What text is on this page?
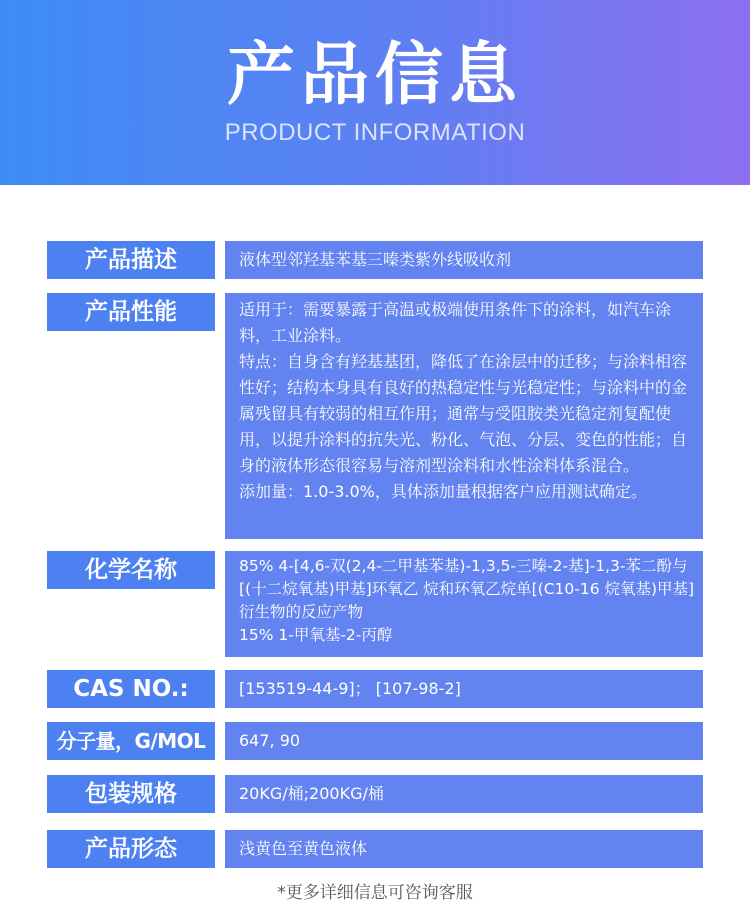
产品信息
PRODUCT INFORMATION
产品描述	液体型邻羟基苯基三嗪类紫外线吸收剂
产品性能	适用于：需要暴露于高温或极端使用条件下的涂料，如汽车涂料，工业涂料。
特点：自身含有羟基基团，降低了在涂层中的迁移；与涂料相容性好；结构本身具有良好的热稳定性与光稳定性；与涂料中的金属残留具有较弱的相互作用；通常与受阻胺类光稳定剂复配使用，以提升涂料的抗失光、粉化、气泡、分层、变色的性能；自身的液体形态很容易与溶剂型涂料和水性涂料体系混合。
添加量：1.0-3.0%，具体添加量根据客户应用测试确定。
化学名称	85% 4-[4,6-双(2,4-二甲基苯基)-1,3,5-三嗪-2-基]-1,3-苯二酚与[(十二烷氧基)甲基]环氧乙 烷和环氧乙烷单[(C10-16 烷氧基)甲基]衍生物的反应产物
15% 1-甲氧基-2-丙醇
CAS NO.:	[153519-44-9]； [107-98-2]
分子量，G/MOL	647, 90
包装规格	20KG/桶;200KG/桶
产品形态	浅黄色至黄色液体
*更多详细信息可咨询客服
